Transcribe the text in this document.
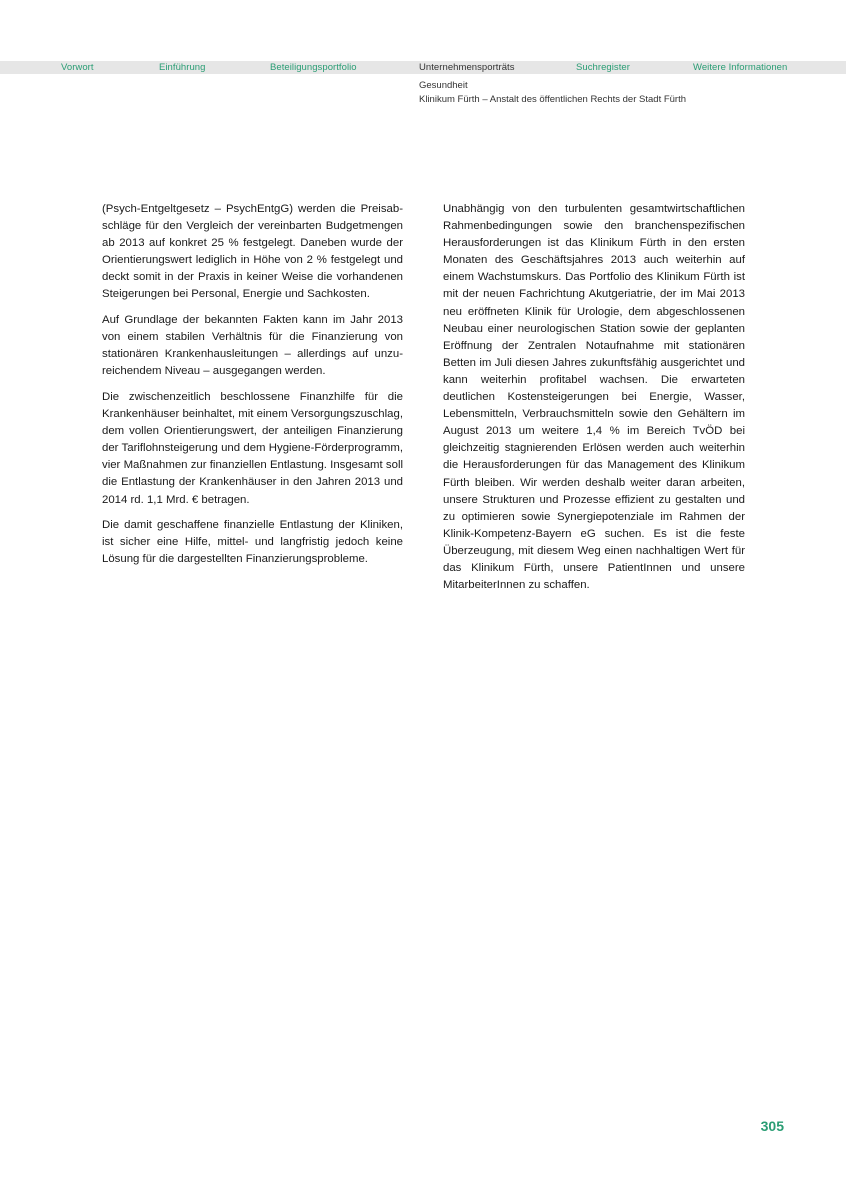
Vorwort	Einführung	Beteiligungsportfolio	Unternehmensporträts	Suchregister	Weitere Informationen
Gesundheit
Klinikum Fürth – Anstalt des öffentlichen Rechts der Stadt Fürth

(Psych-Entgeltgesetz – PsychEntgG) werden die Preisabschläge für den Vergleich der vereinbarten Budgetmengen ab 2013 auf konkret 25 % festgelegt. Daneben wurde der Orientierungswert lediglich in Höhe von 2 % festgelegt und deckt somit in der Praxis in keiner Weise die vorhandenen Steigerungen bei Personal, Energie und Sachkosten.

Auf Grundlage der bekannten Fakten kann im Jahr 2013 von einem stabilen Verhältnis für die Finanzierung von stationären Krankenhausleitungen – allerdings auf unzureichendem Niveau – ausgegangen werden.

Die zwischenzeitlich beschlossene Finanzhilfe für die Krankenhäuser beinhaltet, mit einem Versorgungszuschlag, dem vollen Orientierungswert, der anteiligen Finanzierung der Tariflohnsteigerung und dem Hygiene-Förderprogramm, vier Maßnahmen zur finanziellen Entlastung. Insgesamt soll die Entlastung der Krankenhäuser in den Jahren 2013 und 2014 rd. 1,1 Mrd. € betragen.

Die damit geschaffene finanzielle Entlastung der Kliniken, ist sicher eine Hilfe, mittel- und langfristig jedoch keine Lösung für die dargestellten Finanzierungsprobleme.

Unabhängig von den turbulenten gesamtwirtschaftlichen Rahmenbedingungen sowie den branchenspezifischen Herausforderungen ist das Klinikum Fürth in den ersten Monaten des Geschäftsjahres 2013 auch weiterhin auf einem Wachstumskurs. Das Portfolio des Klinikum Fürth ist mit der neuen Fachrichtung Akutgeriatrie, der im Mai 2013 neu eröffneten Klinik für Urologie, dem abgeschlossenen Neubau einer neurologischen Station sowie der geplanten Eröffnung der Zentralen Notaufnahme mit stationären Betten im Juli diesen Jahres zukunftsfähig ausgerichtet und kann weiterhin profitabel wachsen. Die erwarteten deutlichen Kostensteigerungen bei Energie, Wasser, Lebensmitteln, Verbrauchsmitteln sowie den Gehältern im August 2013 um weitere 1,4 % im Bereich TvÖD bei gleichzeitig stagnierenden Erlösen werden auch weiterhin die Herausforderungen für das Management des Klinikum Fürth bleiben. Wir werden deshalb weiter daran arbeiten, unsere Strukturen und Prozesse effizient zu gestalten und zu optimieren sowie Synergiepotenziale im Rahmen der Klinik-Kompetenz-Bayern eG suchen. Es ist die feste Überzeugung, mit diesem Weg einen nachhaltigen Wert für das Klinikum Fürth, unsere PatientInnen und unsere MitarbeiterInnen zu schaffen.

305
